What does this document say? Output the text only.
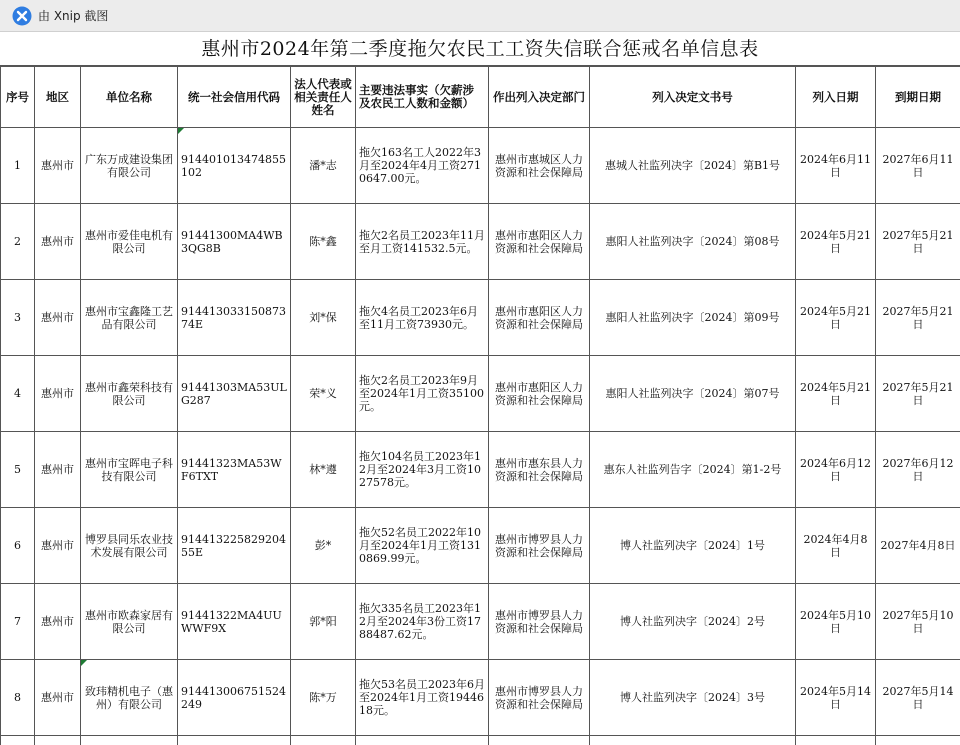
由 Xnip 截图
惠州市2024年第二季度拖欠农民工工资失信联合惩戒名单信息表
序号	地区	单位名称	统一社会信用代码	法人代表或相关责任人姓名	主要违法事实（欠薪涉及农民工人数和金额）	作出列入决定部门	列入决定文书号	列入日期	到期日期
1	惠州市	广东万成建设集团有限公司	914401013474855102	潘*志	拖欠163名工人2022年3月至2024年4月工资2710647.00元。	惠州市惠城区人力资源和社会保障局	惠城人社监列决字〔2024〕第B1号	2024年6月11日	2027年6月11日
2	惠州市	惠州市爱佳电机有限公司	91441300MA4WB3QG8B	陈*鑫	拖欠2名员工2023年11月至月工资141532.5元。	惠州市惠阳区人力资源和社会保障局	惠阳人社监列决字〔2024〕第08号	2024年5月21日	2027年5月21日
3	惠州市	惠州市宝鑫隆工艺品有限公司	91441303315087374E	刘*保	拖欠4名员工2023年6月至11月工资73930元。	惠州市惠阳区人力资源和社会保障局	惠阳人社监列决字〔2024〕第09号	2024年5月21日	2027年5月21日
4	惠州市	惠州市鑫荣科技有限公司	91441303MA53ULG287	荣*义	拖欠2名员工2023年9月至2024年1月工资35100元。	惠州市惠阳区人力资源和社会保障局	惠阳人社监列决字〔2024〕第07号	2024年5月21日	2027年5月21日
5	惠州市	惠州市宝晖电子科技有限公司	91441323MA53WF6TXT	林*遵	拖欠104名员工2023年12月至2024年3月工资1027578元。	惠州市惠东县人力资源和社会保障局	惠东人社监列告字〔2024〕第1-2号	2024年6月12日	2027年6月12日
6	惠州市	博罗县同乐农业技术发展有限公司	91441322582920455E	彭*	拖欠52名员工2022年10月至2024年1月工资1310869.99元。	惠州市博罗县人力资源和社会保障局	博人社监列决字〔2024〕1号	2024年4月8日	2027年4月8日
7	惠州市	惠州市欧森家居有限公司	91441322MA4UUWWF9X	郭*阳	拖欠335名员工2023年12月至2024年3份工资1788487.62元。	惠州市博罗县人力资源和社会保障局	博人社监列决字〔2024〕2号	2024年5月10日	2027年5月10日
8	惠州市	致玮精机电子（惠州）有限公司	914413006751524249	陈*万	拖欠53名员工2023年6月至2024年1月工资1944618元。	惠州市博罗县人力资源和社会保障局	博人社监列决字〔2024〕3号	2024年5月14日	2027年5月14日
